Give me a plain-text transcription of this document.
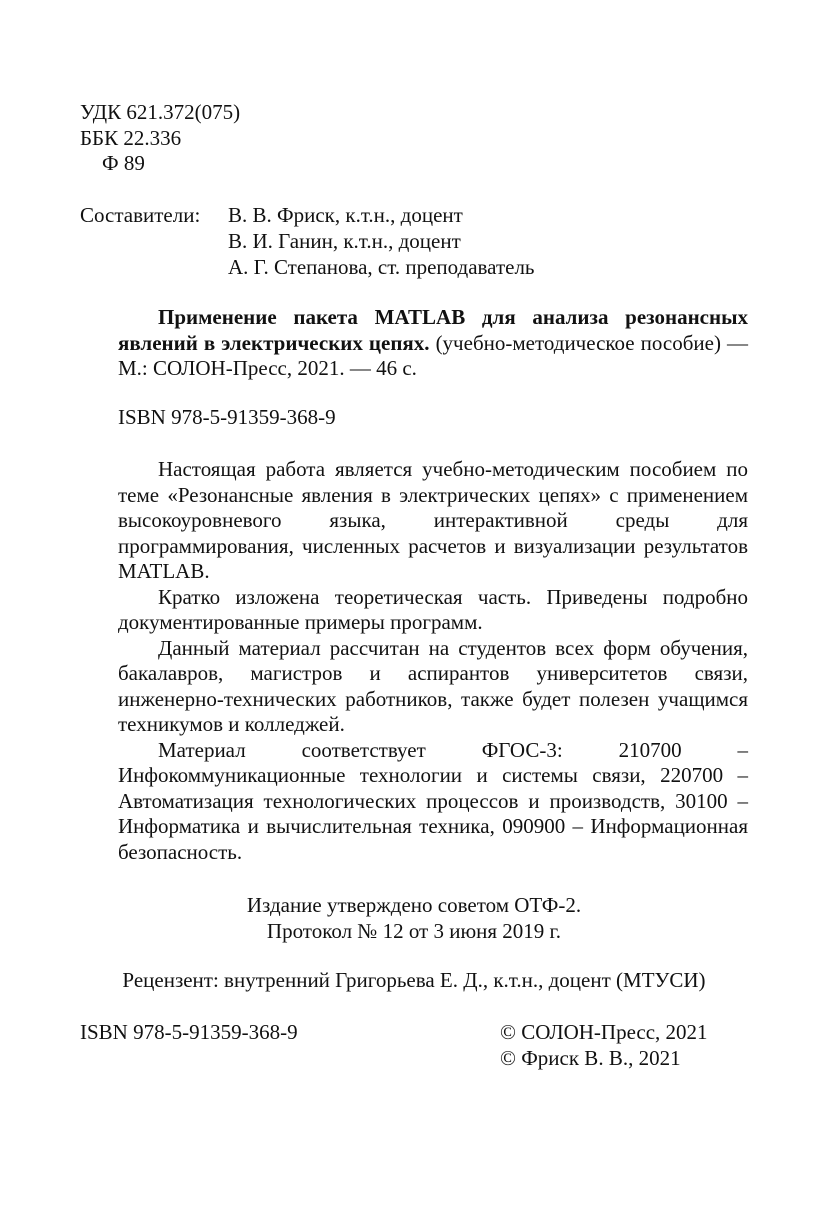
УДК 621.372(075)
ББК 22.336
Ф 89
Составители: В. В. Фриск, к.т.н., доцент
В. И. Ганин, к.т.н., доцент
А. Г. Степанова, ст. преподаватель

Применение пакета MATLAB для анализа резонансных явлений в электрических цепях. (учебно-методическое пособие) — М.: СОЛОН-Пресс, 2021. — 46 с.

ISBN 978-5-91359-368-9

Настоящая работа является учебно-методическим пособием по теме «Резонансные явления в электрических цепях» с применением высокоуровневого языка, интерактивной среды для программирования, численных расчетов и визуализации результатов MATLAB.

Кратко изложена теоретическая часть. Приведены подробно документированные примеры программ.

Данный материал рассчитан на студентов всех форм обучения, бакалавров, магистров и аспирантов университетов связи, инженерно-технических работников, также будет полезен учащимся техникумов и колледжей.

Материал соответствует ФГОС-3: 210700 – Инфокоммуникационные технологии и системы связи, 220700 – Автоматизация технологических процессов и производств, 30100 – Информатика и вычислительная техника, 090900 – Информационная безопасность.

Издание утверждено советом ОТФ-2.
Протокол № 12 от 3 июня 2019 г.
Рецензент: внутренний Григорьева Е. Д., к.т.н., доцент (МТУСИ)
ISBN 978-5-91359-368-9	© СОЛОН-Пресс, 2021
© Фриск В. В., 2021
